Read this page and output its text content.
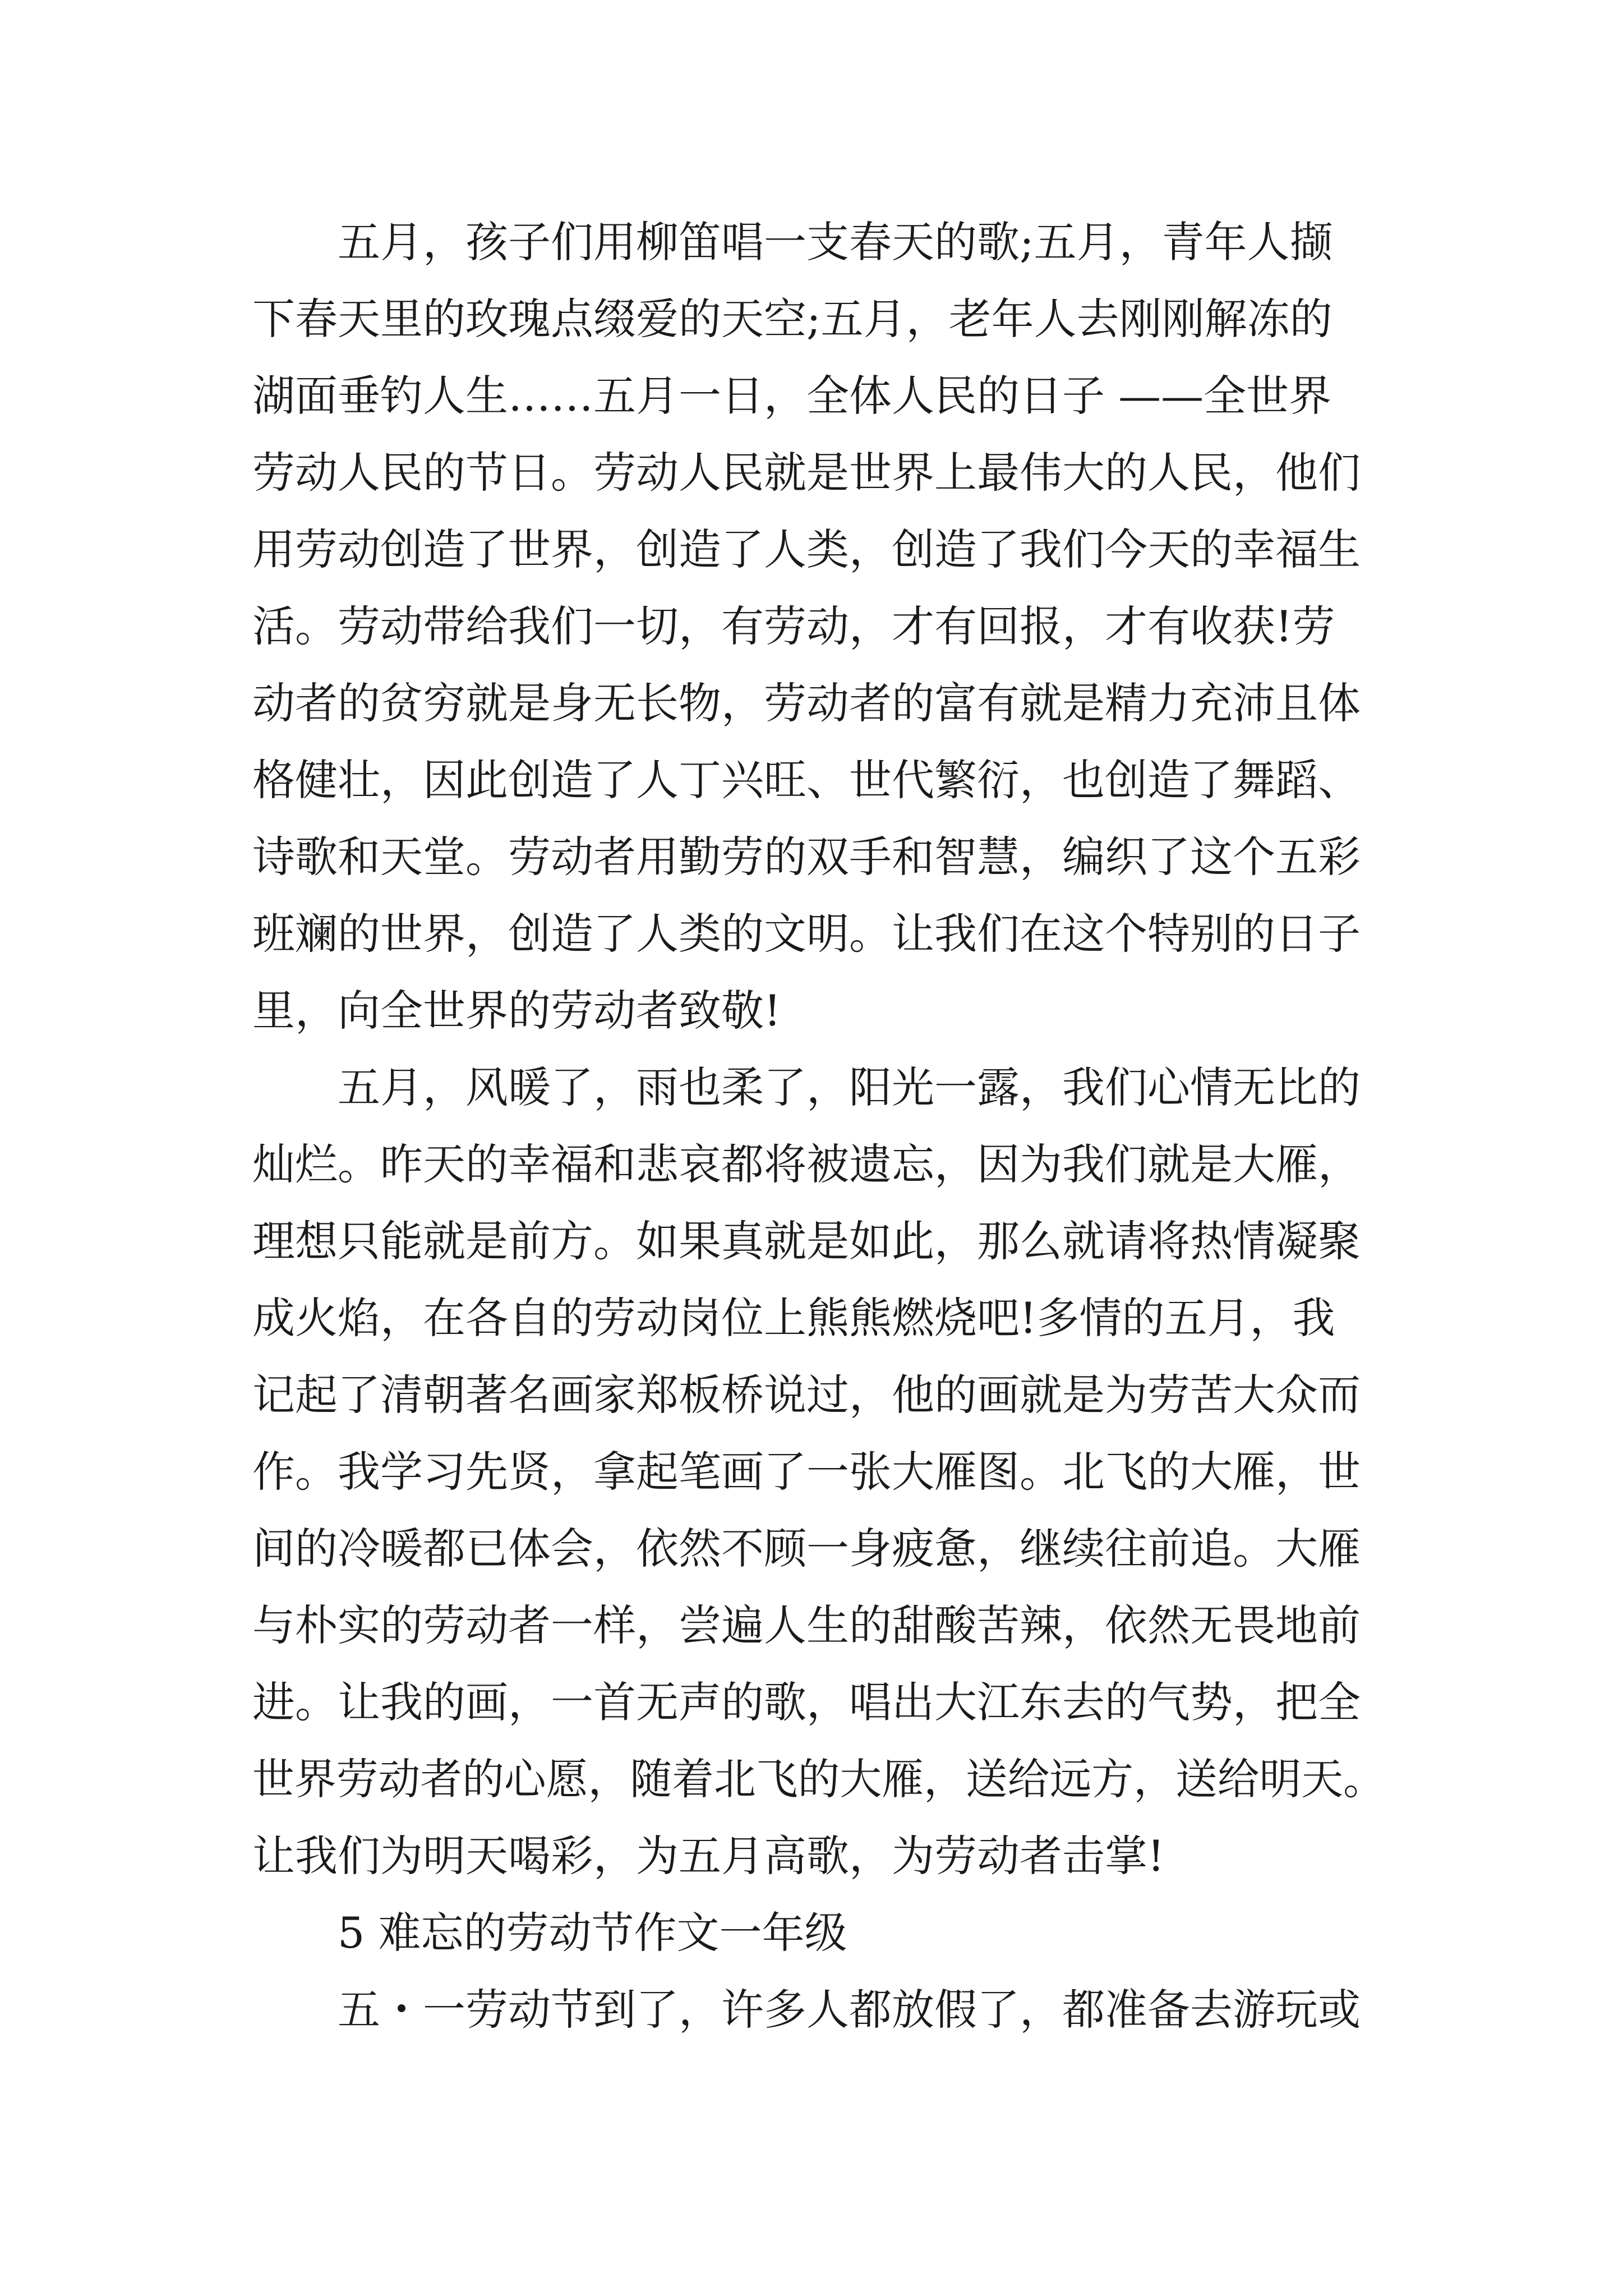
　　五月，孩子们用柳笛唱一支春天的歌;五月，青年人撷
下春天里的玫瑰点缀爱的天空;五月，老年人去刚刚解冻的
湖面垂钓人生……五月一日，全体人民的日子 ——全世界
劳动人民的节日。劳动人民就是世界上最伟大的人民，他们
用劳动创造了世界，创造了人类，创造了我们今天的幸福生
活。劳动带给我们一切，有劳动，才有回报，才有收获!劳
动者的贫穷就是身无长物，劳动者的富有就是精力充沛且体
格健壮，因此创造了人丁兴旺、世代繁衍，也创造了舞蹈、
诗歌和天堂。劳动者用勤劳的双手和智慧，编织了这个五彩
班斓的世界，创造了人类的文明。让我们在这个特别的日子
里，向全世界的劳动者致敬!
　　五月，风暖了，雨也柔了，阳光一露，我们心情无比的
灿烂。昨天的幸福和悲哀都将被遗忘，因为我们就是大雁，
理想只能就是前方。如果真就是如此，那么就请将热情凝聚
成火焰，在各自的劳动岗位上熊熊燃烧吧!多情的五月，我
记起了清朝著名画家郑板桥说过，他的画就是为劳苦大众而
作。我学习先贤，拿起笔画了一张大雁图。北飞的大雁，世
间的冷暖都已体会，依然不顾一身疲惫，继续往前追。大雁
与朴实的劳动者一样，尝遍人生的甜酸苦辣，依然无畏地前
进。让我的画，一首无声的歌，唱出大江东去的气势，把全
世界劳动者的心愿，随着北飞的大雁，送给远方，送给明天。
让我们为明天喝彩，为五月高歌，为劳动者击掌!
　　5 难忘的劳动节作文一年级
　　五・一劳动节到了，许多人都放假了，都准备去游玩或
